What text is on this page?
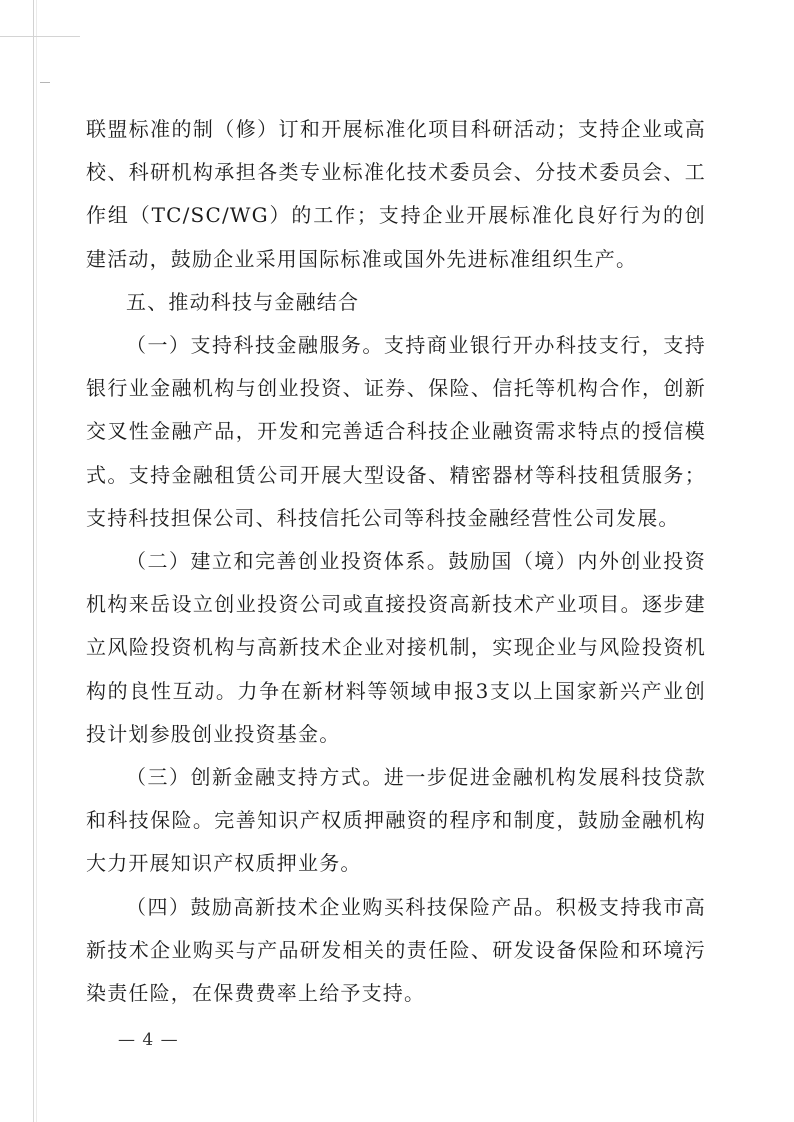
联盟标准的制（修）订和开展标准化项目科研活动；支持企业或高校、科研机构承担各类专业标准化技术委员会、分技术委员会、工作组（TC/SC/WG）的工作；支持企业开展标准化良好行为的创建活动，鼓励企业采用国际标准或国外先进标准组织生产。

五、推动科技与金融结合

（一）支持科技金融服务。支持商业银行开办科技支行，支持银行业金融机构与创业投资、证券、保险、信托等机构合作，创新交叉性金融产品，开发和完善适合科技企业融资需求特点的授信模式。支持金融租赁公司开展大型设备、精密器材等科技租赁服务；支持科技担保公司、科技信托公司等科技金融经营性公司发展。

（二）建立和完善创业投资体系。鼓励国（境）内外创业投资机构来岳设立创业投资公司或直接投资高新技术产业项目。逐步建立风险投资机构与高新技术企业对接机制，实现企业与风险投资机构的良性互动。力争在新材料等领域申报3支以上国家新兴产业创投计划参股创业投资基金。

（三）创新金融支持方式。进一步促进金融机构发展科技贷款和科技保险。完善知识产权质押融资的程序和制度，鼓励金融机构大力开展知识产权质押业务。

（四）鼓励高新技术企业购买科技保险产品。积极支持我市高新技术企业购买与产品研发相关的责任险、研发设备保险和环境污染责任险，在保费费率上给予支持。

— 4 —
